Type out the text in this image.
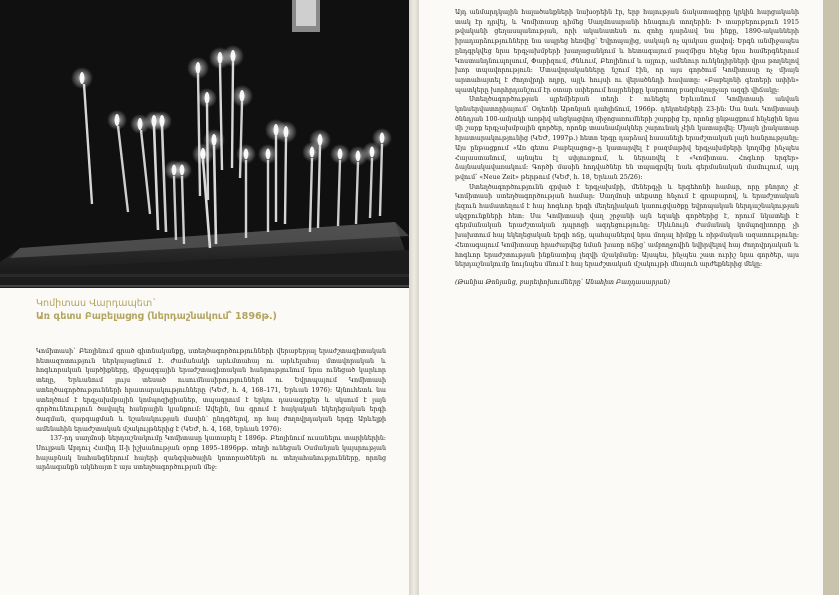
Կոմիտաս Վարդապետ`

Առ գետս Բաբելացոց (ներդաշնակում՝ 1896թ.)

Կոմիտասի` Բեռլինում գրած գիտնականքը, ստեղծագործությունների վերաբերյալ երաժշտագիտական հետազոտություն ներկայացնում է. Ժամանակի արևմտահայ ու արևելահայ մտավորական և հոգևորական կարծիքները, միջազգային երաժշտագիտական հանրությունում նրա ունեցած կարևոր տեղը, Երևանում լույս տեսած ուսումնասիրություններն ու Եվրոպայում Կոմիտասի ստեղծագործությունների հրատարակությունները (ԿԵԺ, հ. 4, 168–171, Երևան 1976)։ Այնուհետև նա ստեղծում է երգչախմբային կոմպոզիցիաներ, տպագրում է երկու դասագրքեր և սկսում է լայն գործունեություն ծավալել հանրային կյանքում։ Ավելին, նա գրում է հայկական եկեղեցական երգի ծագման, զարգացման և նշանակության մասին՝ ընդգծելով, որ հայ ժողովրդական երգը Արևելքի ամենահին երաժշտական մշակույթներից է (ԿԵԺ, հ. 4, 168, Երևան 1976)։

137-րդ սաղմոսի ներդաշնակումը Կոմիտասը կատարել է 1896թ. Բեռլինում ուսանելու տարիներին։ Սուլթան Աբդուլ Համիդ II-ի իշխանության օրոք 1895–1896թթ. տեղի ունեցան Օսմանյան կայսրության հայաբնակ նահանգներում հայերի զանգվածային կոտորածներն ու տեղահանությունները, որոնց արձագանքն ակնհայտ է այս ստեղծագործության մեջ։

Այդ անմարդկային հալածանքների նախօրեին էր, երբ հայության ճակատագիրը կրկին հարցականի տակ էր դրվել, և Կոմիտասը դիմեց Սաղմոսարանի հնագույն տողերին։ Ի տարբերություն 1915 թվականի ցեղասպանության, որի ականատեսն ու զոհը դարձավ նա ինքը, 1890-ականների իրադարձությունները նա ապրեց հեռվից՝ Եվրոպայից, սակայն ոչ պակաս ցավով։ Երգն անմիջապես ընդգրկվեց նրա երգչախմբերի խաղացանկում և հետագայում բազմիցս հնչեց նրա համերգներում Կոստանդնուպոլսում, Փարիզում, Ժնևում, Բեռլինում և այլուր, ամենուր ունկնդիրների վրա թողնելով խոր տպավորություն։ Մտավորականները նշում էին, որ այս գործում Կոմիտասը ոչ միայն արտահայտել է ժողովրդի ողբը, այլև հույսի ու վերածննդի հավատը։ «Բաբելոնի գետերի ափին» պատկերը խորհրդանշում էր օտար ափերում հայրենիքը կարոտող բազմաչարչար ազգի վիճակը։

Ստեղծագործության պրեմիերան տեղի է ունեցել Երևանում Կոմիտասի անվան կոնսերվատորիայում՝ Օդեոնի Աթոնյան դահլիճում, 1966թ. դեկտեմբերի 23-ին։ Սա նաև Կոմիտասի ծննդյան 100-ամյակի առթիվ անցկացվող միջոցառումների շարքից էր, որոնց ընթացքում հնչեցին նրա մի շարք երգչախմբային գործեր, որոնք տասնամյակներ շարունակ չէին կատարվել։ Միայն լիակատար հրատարակությունից (ԿԵԺ, 1997թ.) հետո երգը դարձավ հասանելի երաժշտական լայն հանրությանը։ Այս ընթացքում «Առ գետս Բաբելացոց»-ը կատարվել է բազմաթիվ երգչախմբերի կողմից ինչպես Հայաստանում, այնպես էլ սփյուռքում, և ներառվել է «Կոմիտաս. Հոգևոր երգեր» ձայնասկավառակում։ Գործի մասին հոդվածներ են տպագրվել նաև գերմանական մամուլում, այդ թվում՝ «Neue Zeit» թերթում (ԿԵԺ, հ. 18, Երևան 25/26)։

Ստեղծագործությունն գրված է երգչախմբի, մեներգչի և երգեհոնի համար, որը բնորոշ չէ Կոմիտասի ստեղծագործության համար։ Սաղմոսի տեքստը հնչում է գրաբարով, և երաժշտական լեզուն համատեղում է հայ հոգևոր երգի մեղեդիական կառուցվածքը եվրոպական ներդաշնակության սկզբունքների հետ։ Սա Կոմիտասի վաղ շրջանի այն եզակի գործերից է, որում նկատելի է գերմանական երաժշտական դպրոցի ազդեցությունը։ Միևնույն ժամանակ կոմպոզիտորը չի խախտում հայ եկեղեցական երգի ոճը, պահպանելով նրա մոդալ հիմքը և ռիթմական ազատությունը։ Հետագայում Կոմիտասը հրաժարվեց նման խառը ոճից՝ ամբողջովին նվիրվելով հայ ժողովրդական և հոգևոր երաժշտության ինքնատիպ լեզվի մշակմանը։ Այսպես, ինչպես շատ ուրիշ նրա գործեր, այս ներդաշնակումը նույնպես մնում է հայ երաժշտական մշակույթի մնայուն արժեքներից մեկը։

(Թանիա Թոնյանց, բարեփոխումները՝ Անահիտ Բաղդասարյան)
